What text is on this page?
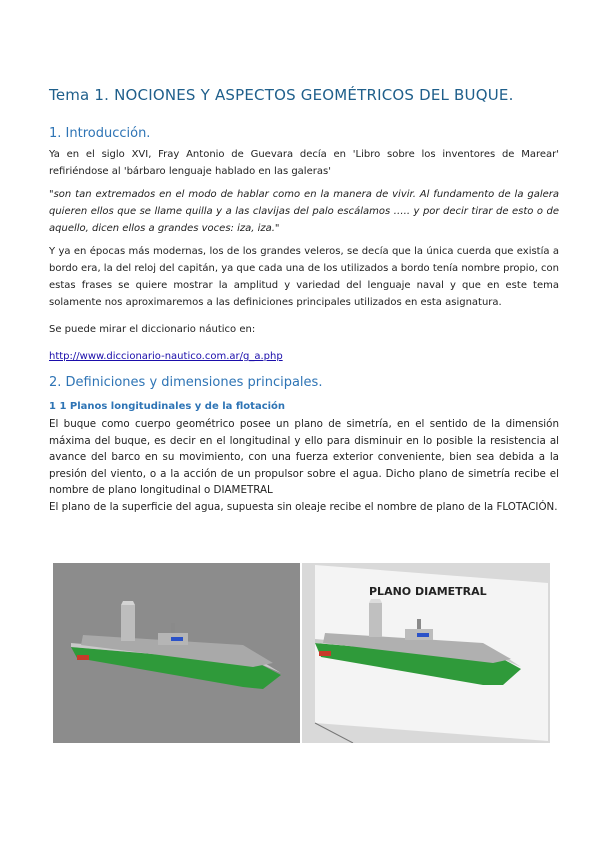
Tema 1. NOCIONES Y ASPECTOS GEOMÉTRICOS DEL BUQUE.
1. Introducción.

Ya en el siglo XVI, Fray Antonio de Guevara decía en 'Libro sobre los inventores de Marear' refiriéndose al 'bárbaro lenguaje hablado en las galeras'

"son tan extremados en el modo de hablar como en la manera de vivir. Al fundamento de la galera quieren ellos que se llame quilla y a las clavijas del palo escálamos ….. y por decir tirar de esto o de aquello, dicen ellos a grandes voces: iza, iza."

Y ya en épocas más modernas, los de los grandes veleros, se decía que la única cuerda que existía a bordo era, la del reloj del capitán, ya que cada una de los utilizados a bordo tenía nombre propio, con estas frases se quiere mostrar la amplitud y variedad del lenguaje naval y que en este tema solamente nos aproximaremos a las definiciones principales utilizados en esta asignatura.

Se puede mirar el diccionario náutico en:

http://www.diccionario-nautico.com.ar/g_a.php

2. Definiciones y dimensiones principales.
1 1 Planos longitudinales y de la flotación

El buque como cuerpo geométrico posee un plano de simetría, en el sentido de la dimensión máxima del buque, es decir en el longitudinal y ello para disminuir en lo posible la resistencia al avance del barco en su movimiento, con una fuerza exterior conveniente, bien sea debida a la presión del viento, o a la acción de un propulsor sobre el agua. Dicho plano de simetría recibe el nombre de plano longitudinal o DIAMETRAL

El plano de la superficie del agua, supuesta sin oleaje recibe el nombre de plano de la FLOTACIÓN.

PLANO DIAMETRAL
